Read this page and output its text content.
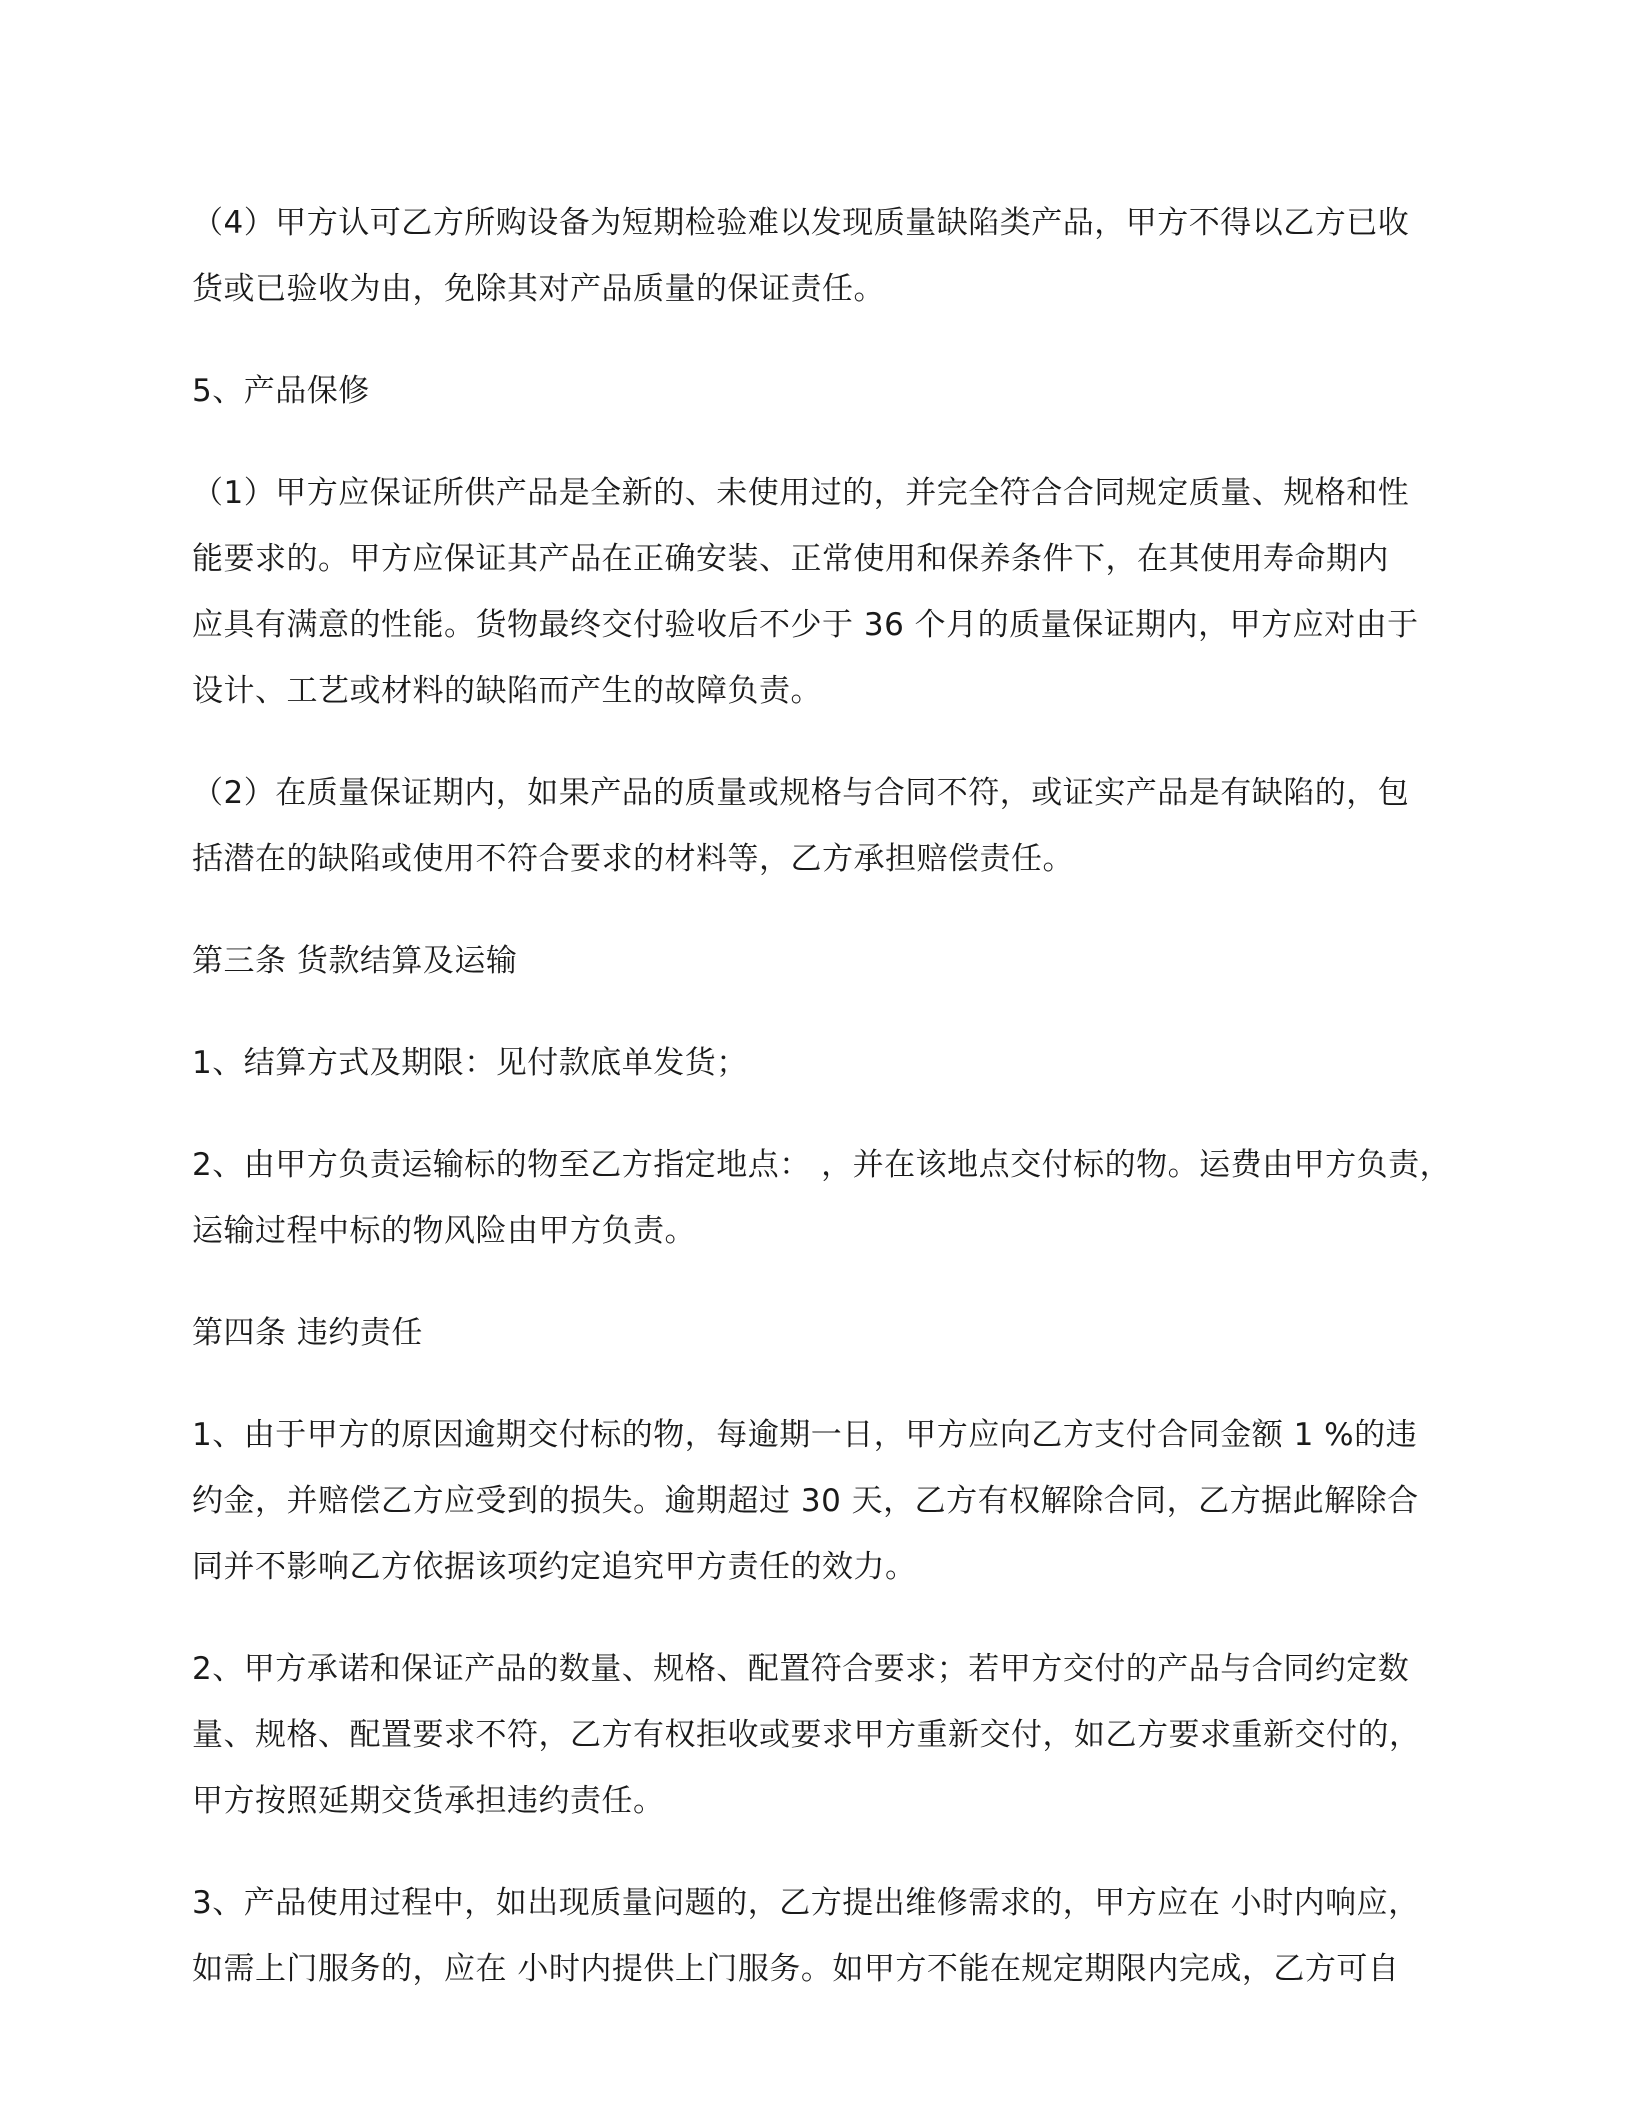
（4）甲方认可乙方所购设备为短期检验难以发现质量缺陷类产品，甲方不得以乙方已收
货或已验收为由，免除其对产品质量的保证责任。

5、产品保修

（1）甲方应保证所供产品是全新的、未使用过的，并完全符合合同规定质量、规格和性
能要求的。甲方应保证其产品在正确安装、正常使用和保养条件下，在其使用寿命期内
应具有满意的性能。货物最终交付验收后不少于 36 个月的质量保证期内，甲方应对由于
设计、工艺或材料的缺陷而产生的故障负责。

（2）在质量保证期内，如果产品的质量或规格与合同不符，或证实产品是有缺陷的，包
括潜在的缺陷或使用不符合要求的材料等，乙方承担赔偿责任。

第三条 货款结算及运输

1、结算方式及期限：见付款底单发货；

2、由甲方负责运输标的物至乙方指定地点： ，并在该地点交付标的物。运费由甲方负责，
运输过程中标的物风险由甲方负责。

第四条 违约责任

1、由于甲方的原因逾期交付标的物，每逾期一日，甲方应向乙方支付合同金额 1 %的违
约金，并赔偿乙方应受到的损失。逾期超过 30 天，乙方有权解除合同，乙方据此解除合
同并不影响乙方依据该项约定追究甲方责任的效力。

2、甲方承诺和保证产品的数量、规格、配置符合要求；若甲方交付的产品与合同约定数
量、规格、配置要求不符，乙方有权拒收或要求甲方重新交付，如乙方要求重新交付的，
甲方按照延期交货承担违约责任。

3、产品使用过程中，如出现质量问题的，乙方提出维修需求的，甲方应在 小时内响应，
如需上门服务的，应在 小时内提供上门服务。如甲方不能在规定期限内完成，乙方可自
